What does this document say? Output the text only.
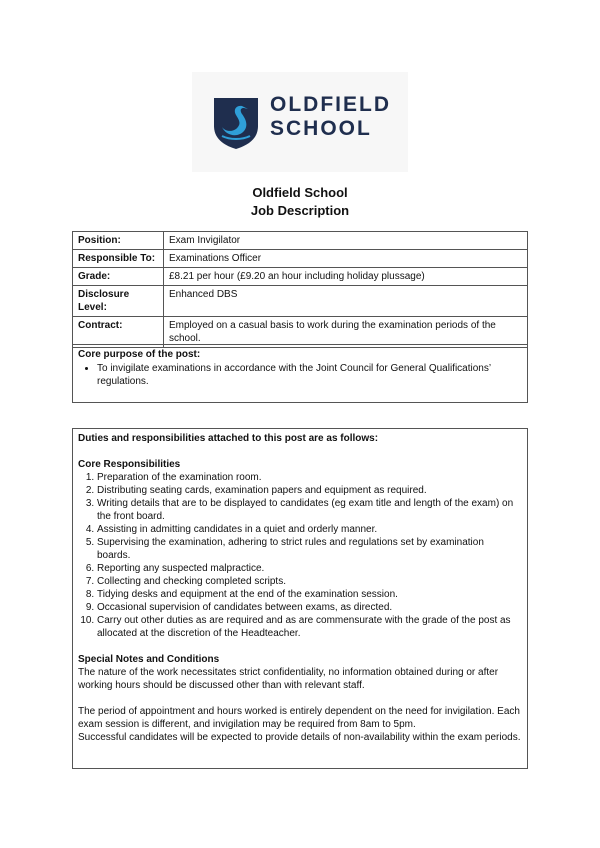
OLDFIELD
SCHOOL
Oldfield School
Job Description
Position:	Exam Invigilator
Responsible To:	Examinations Officer
Grade:	£8.21 per hour (£9.20 an hour including holiday plussage)
Disclosure Level:	Enhanced DBS
Contract:	Employed on a casual basis to work during the examination periods of the school.
Core purpose of the post:
• To invigilate examinations in accordance with the Joint Council for General Qualifications’ regulations.
Duties and responsibilities attached to this post are as follows:
Core Responsibilities
1. Preparation of the examination room.
2. Distributing seating cards, examination papers and equipment as required.
3. Writing details that are to be displayed to candidates (eg exam title and length of the exam) on the front board.
4. Assisting in admitting candidates in a quiet and orderly manner.
5. Supervising the examination, adhering to strict rules and regulations set by examination boards.
6. Reporting any suspected malpractice.
7. Collecting and checking completed scripts.
8. Tidying desks and equipment at the end of the examination session.
9. Occasional supervision of candidates between exams, as directed.
10. Carry out other duties as are required and as are commensurate with the grade of the post as allocated at the discretion of the Headteacher.
Special Notes and Conditions
The nature of the work necessitates strict confidentiality, no information obtained during or after working hours should be discussed other than with relevant staff.
The period of appointment and hours worked is entirely dependent on the need for invigilation. Each exam session is different, and invigilation may be required from 8am to 5pm.
Successful candidates will be expected to provide details of non-availability within the exam periods.
